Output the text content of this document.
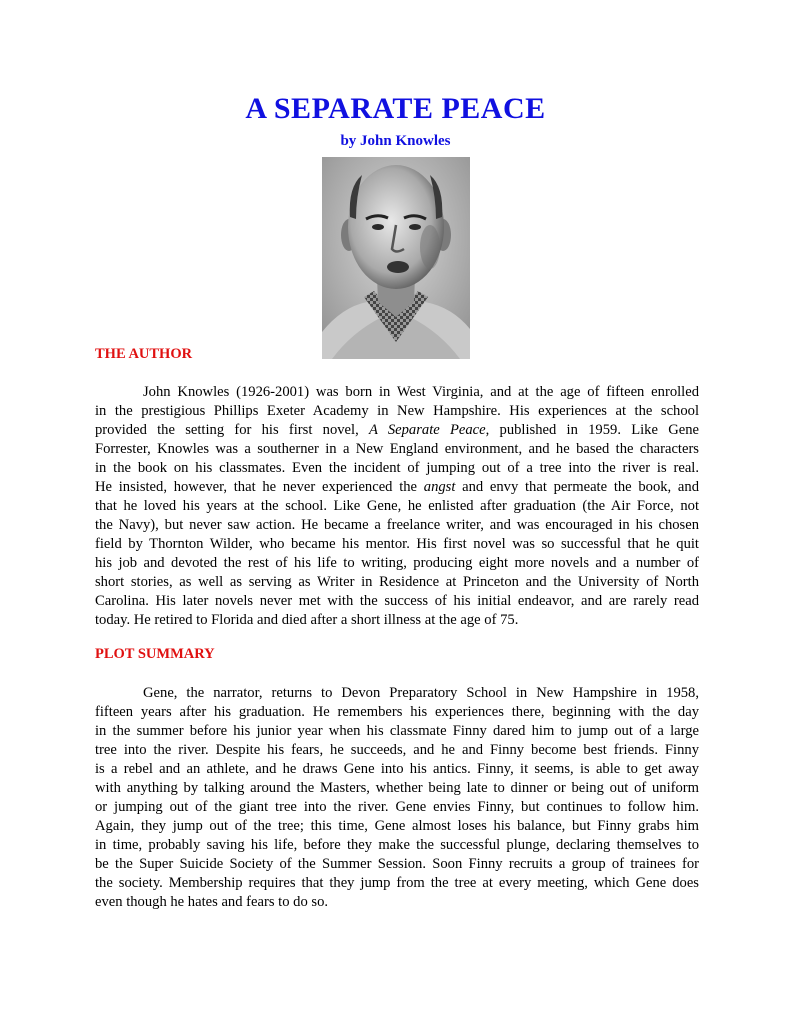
A SEPARATE PEACE
by John Knowles
THE AUTHOR

John Knowles (1926-2001) was born in West Virginia, and at the age of fifteen enrolled
in the prestigious Phillips Exeter Academy in New Hampshire. His experiences at the school
provided the setting for his first novel, A Separate Peace, published in 1959. Like Gene
Forrester, Knowles was a southerner in a New England environment, and he based the characters
in the book on his classmates. Even the incident of jumping out of a tree into the river is real.
He insisted, however, that he never experienced the angst and envy that permeate the book, and
that he loved his years at the school. Like Gene, he enlisted after graduation (the Air Force, not
the Navy), but never saw action. He became a freelance writer, and was encouraged in his chosen
field by Thornton Wilder, who became his mentor. His first novel was so successful that he quit
his job and devoted the rest of his life to writing, producing eight more novels and a number of
short stories, as well as serving as Writer in Residence at Princeton and the University of North
Carolina. His later novels never met with the success of his initial endeavor, and are rarely read
today. He retired to Florida and died after a short illness at the age of 75.

PLOT SUMMARY

Gene, the narrator, returns to Devon Preparatory School in New Hampshire in 1958,
fifteen years after his graduation. He remembers his experiences there, beginning with the day
in the summer before his junior year when his classmate Finny dared him to jump out of a large
tree into the river. Despite his fears, he succeeds, and he and Finny become best friends. Finny
is a rebel and an athlete, and he draws Gene into his antics. Finny, it seems, is able to get away
with anything by talking around the Masters, whether being late to dinner or being out of uniform
or jumping out of the giant tree into the river. Gene envies Finny, but continues to follow him.
Again, they jump out of the tree; this time, Gene almost loses his balance, but Finny grabs him
in time, probably saving his life, before they make the successful plunge, declaring themselves to
be the Super Suicide Society of the Summer Session. Soon Finny recruits a group of trainees for
the society. Membership requires that they jump from the tree at every meeting, which Gene does
even though he hates and fears to do so.
